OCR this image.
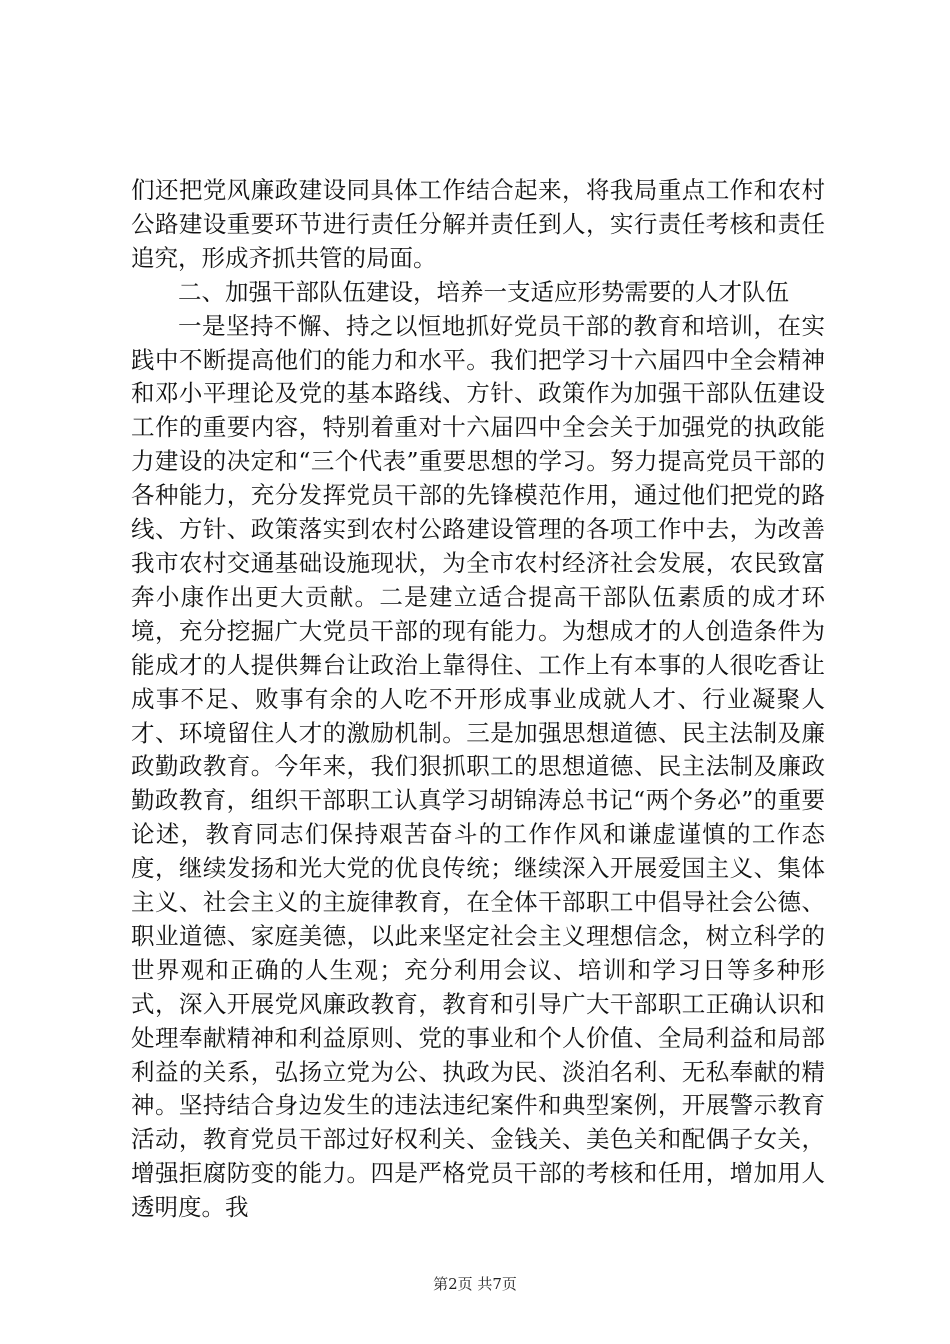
们还把党风廉政建设同具体工作结合起来，将我局重点工作和农村公路建设重要环节进行责任分解并责任到人，实行责任考核和责任追究，形成齐抓共管的局面。

二、加强干部队伍建设，培养一支适应形势需要的人才队伍

一是坚持不懈、持之以恒地抓好党员干部的教育和培训，在实践中不断提高他们的能力和水平。我们把学习十六届四中全会精神和邓小平理论及党的基本路线、方针、政策作为加强干部队伍建设工作的重要内容，特别着重对十六届四中全会关于加强党的执政能力建设的决定和“三个代表”重要思想的学习。努力提高党员干部的各种能力，充分发挥党员干部的先锋模范作用，通过他们把党的路线、方针、政策落实到农村公路建设管理的各项工作中去，为改善我市农村交通基础设施现状，为全市农村经济社会发展，农民致富奔小康作出更大贡献。二是建立适合提高干部队伍素质的成才环境，充分挖掘广大党员干部的现有能力。为想成才的人创造条件为能成才的人提供舞台让政治上靠得住、工作上有本事的人很吃香让成事不足、败事有余的人吃不开形成事业成就人才、行业凝聚人才、环境留住人才的激励机制。三是加强思想道德、民主法制及廉政勤政教育。今年来，我们狠抓职工的思想道德、民主法制及廉政勤政教育，组织干部职工认真学习胡锦涛总书记“两个务必”的重要论述，教育同志们保持艰苦奋斗的工作作风和谦虚谨慎的工作态度，继续发扬和光大党的优良传统；继续深入开展爱国主义、集体主义、社会主义的主旋律教育，在全体干部职工中倡导社会公德、职业道德、家庭美德，以此来坚定社会主义理想信念，树立科学的世界观和正确的人生观；充分利用会议、培训和学习日等多种形式，深入开展党风廉政教育，教育和引导广大干部职工正确认识和处理奉献精神和利益原则、党的事业和个人价值、全局利益和局部利益的关系，弘扬立党为公、执政为民、淡泊名利、无私奉献的精神。坚持结合身边发生的违法违纪案件和典型案例，开展警示教育活动，教育党员干部过好权利关、金钱关、美色关和配偶子女关，增强拒腐防变的能力。四是严格党员干部的考核和任用，增加用人透明度。我

第2页 共7页
